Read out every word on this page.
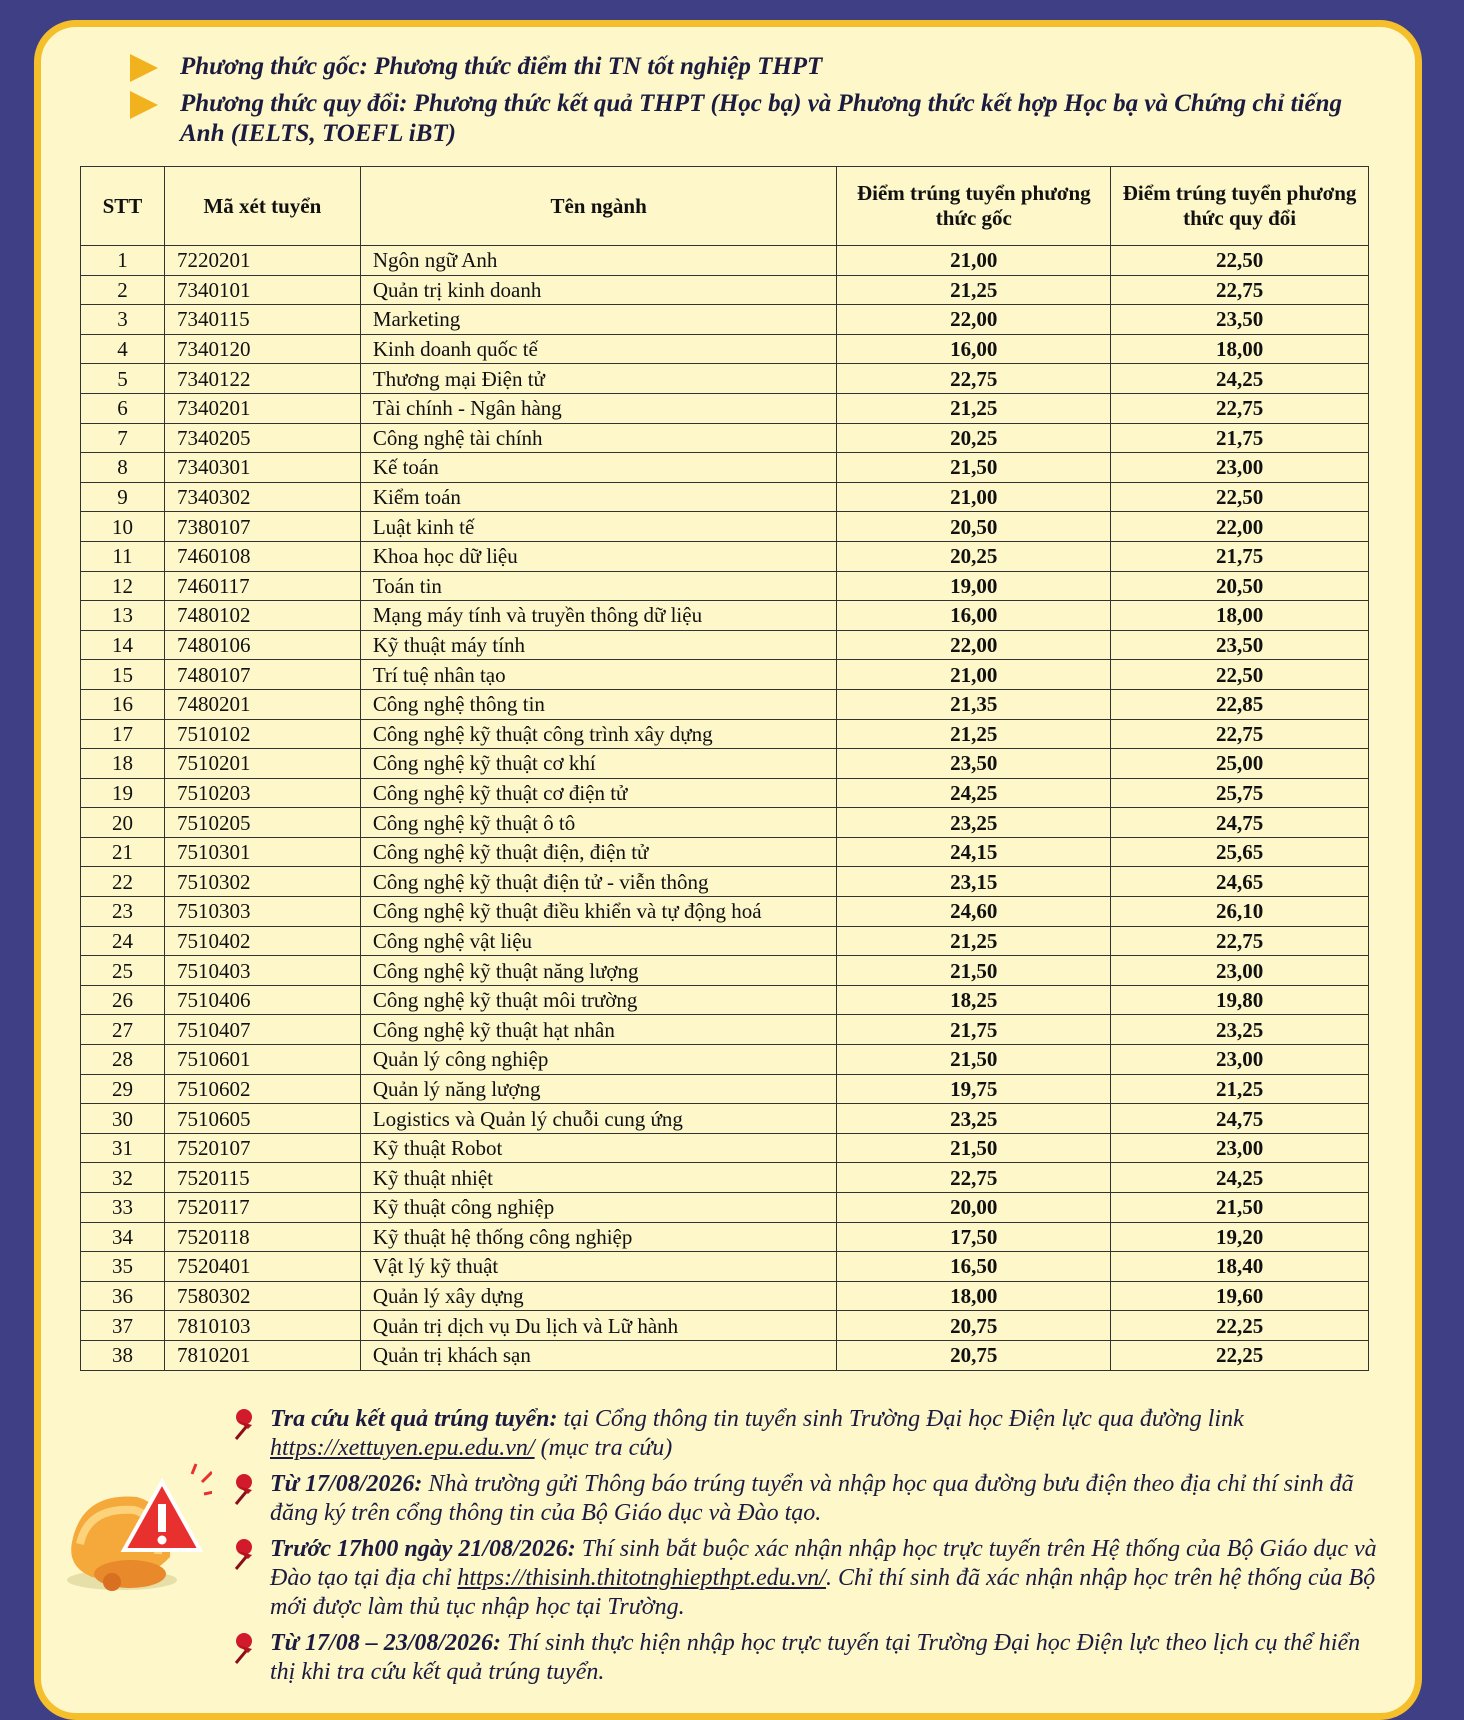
Phương thức gốc: Phương thức điểm thi TN tốt nghiệp THPT
Phương thức quy đổi: Phương thức kết quả THPT (Học bạ) và Phương thức kết hợp Học bạ và Chứng chỉ tiếng Anh (IELTS, TOEFL iBT)
STT	Mã xét tuyển	Tên ngành	Điểm trúng tuyển phương thức gốc	Điểm trúng tuyển phương thức quy đổi
1	7220201	Ngôn ngữ Anh	21,00	22,50
2	7340101	Quản trị kinh doanh	21,25	22,75
3	7340115	Marketing	22,00	23,50
4	7340120	Kinh doanh quốc tế	16,00	18,00
5	7340122	Thương mại Điện tử	22,75	24,25
6	7340201	Tài chính - Ngân hàng	21,25	22,75
7	7340205	Công nghệ tài chính	20,25	21,75
8	7340301	Kế toán	21,50	23,00
9	7340302	Kiểm toán	21,00	22,50
10	7380107	Luật kinh tế	20,50	22,00
11	7460108	Khoa học dữ liệu	20,25	21,75
12	7460117	Toán tin	19,00	20,50
13	7480102	Mạng máy tính và truyền thông dữ liệu	16,00	18,00
14	7480106	Kỹ thuật máy tính	22,00	23,50
15	7480107	Trí tuệ nhân tạo	21,00	22,50
16	7480201	Công nghệ thông tin	21,35	22,85
17	7510102	Công nghệ kỹ thuật công trình xây dựng	21,25	22,75
18	7510201	Công nghệ kỹ thuật cơ khí	23,50	25,00
19	7510203	Công nghệ kỹ thuật cơ điện tử	24,25	25,75
20	7510205	Công nghệ kỹ thuật ô tô	23,25	24,75
21	7510301	Công nghệ kỹ thuật điện, điện tử	24,15	25,65
22	7510302	Công nghệ kỹ thuật điện tử - viễn thông	23,15	24,65
23	7510303	Công nghệ kỹ thuật điều khiển và tự động hoá	24,60	26,10
24	7510402	Công nghệ vật liệu	21,25	22,75
25	7510403	Công nghệ kỹ thuật năng lượng	21,50	23,00
26	7510406	Công nghệ kỹ thuật môi trường	18,25	19,80
27	7510407	Công nghệ kỹ thuật hạt nhân	21,75	23,25
28	7510601	Quản lý công nghiệp	21,50	23,00
29	7510602	Quản lý năng lượng	19,75	21,25
30	7510605	Logistics và Quản lý chuỗi cung ứng	23,25	24,75
31	7520107	Kỹ thuật Robot	21,50	23,00
32	7520115	Kỹ thuật nhiệt	22,75	24,25
33	7520117	Kỹ thuật công nghiệp	20,00	21,50
34	7520118	Kỹ thuật hệ thống công nghiệp	17,50	19,20
35	7520401	Vật lý kỹ thuật	16,50	18,40
36	7580302	Quản lý xây dựng	18,00	19,60
37	7810103	Quản trị dịch vụ Du lịch và Lữ hành	20,75	22,25
38	7810201	Quản trị khách sạn	20,75	22,25
Tra cứu kết quả trúng tuyển: tại Cổng thông tin tuyển sinh Trường Đại học Điện lực qua đường link https://xettuyen.epu.edu.vn/ (mục tra cứu)
Từ 17/08/2026: Nhà trường gửi Thông báo trúng tuyển và nhập học qua đường bưu điện theo địa chỉ thí sinh đã đăng ký trên cổng thông tin của Bộ Giáo dục và Đào tạo.
Trước 17h00 ngày 21/08/2026: Thí sinh bắt buộc xác nhận nhập học trực tuyến trên Hệ thống của Bộ Giáo dục và Đào tạo tại địa chỉ https://thisinh.thitotnghiepthpt.edu.vn/. Chỉ thí sinh đã xác nhận nhập học trên hệ thống của Bộ mới được làm thủ tục nhập học tại Trường.
Từ 17/08 – 23/08/2026: Thí sinh thực hiện nhập học trực tuyến tại Trường Đại học Điện lực theo lịch cụ thể hiển thị khi tra cứu kết quả trúng tuyển.
